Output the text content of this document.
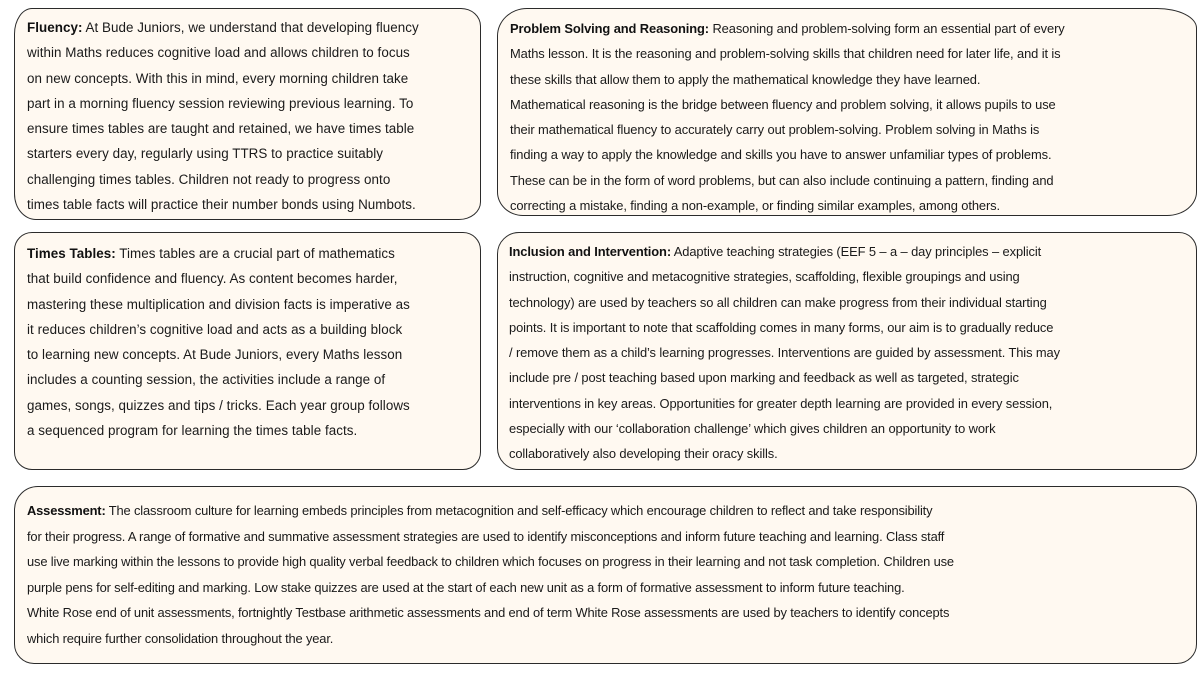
Fluency: At Bude Juniors, we understand that developing fluency
within Maths reduces cognitive load and allows children to focus
on new concepts. With this in mind, every morning children take
part in a morning fluency session reviewing previous learning. To
ensure times tables are taught and retained, we have times table
starters every day, regularly using TTRS to practice suitably
challenging times tables. Children not ready to progress onto
times table facts will practice their number bonds using Numbots.

Problem Solving and Reasoning: Reasoning and problem-solving form an essential part of every
Maths lesson. It is the reasoning and problem-solving skills that children need for later life, and it is
these skills that allow them to apply the mathematical knowledge they have learned.
Mathematical reasoning is the bridge between fluency and problem solving, it allows pupils to use
their mathematical fluency to accurately carry out problem-solving. Problem solving in Maths is
finding a way to apply the knowledge and skills you have to answer unfamiliar types of problems.
These can be in the form of word problems, but can also include continuing a pattern, finding and
correcting a mistake, finding a non-example, or finding similar examples, among others.

Times Tables: Times tables are a crucial part of mathematics
that build confidence and fluency. As content becomes harder,
mastering these multiplication and division facts is imperative as
it reduces children’s cognitive load and acts as a building block
to learning new concepts. At Bude Juniors, every Maths lesson
includes a counting session, the activities include a range of
games, songs, quizzes and tips / tricks. Each year group follows
a sequenced program for learning the times table facts.

Inclusion and Intervention: Adaptive teaching strategies (EEF 5 – a – day principles – explicit
instruction, cognitive and metacognitive strategies, scaffolding, flexible groupings and using
technology) are used by teachers so all children can make progress from their individual starting
points. It is important to note that scaffolding comes in many forms, our aim is to gradually reduce
/ remove them as a child’s learning progresses. Interventions are guided by assessment. This may
include pre / post teaching based upon marking and feedback as well as targeted, strategic
interventions in key areas. Opportunities for greater depth learning are provided in every session,
especially with our ‘collaboration challenge’ which gives children an opportunity to work
collaboratively also developing their oracy skills.

Assessment: The classroom culture for learning embeds principles from metacognition and self-efficacy which encourage children to reflect and take responsibility
for their progress. A range of formative and summative assessment strategies are used to identify misconceptions and inform future teaching and learning. Class staff
use live marking within the lessons to provide high quality verbal feedback to children which focuses on progress in their learning and not task completion. Children use
purple pens for self-editing and marking. Low stake quizzes are used at the start of each new unit as a form of formative assessment to inform future teaching.
White Rose end of unit assessments, fortnightly Testbase arithmetic assessments and end of term White Rose assessments are used by teachers to identify concepts
which require further consolidation throughout the year.
